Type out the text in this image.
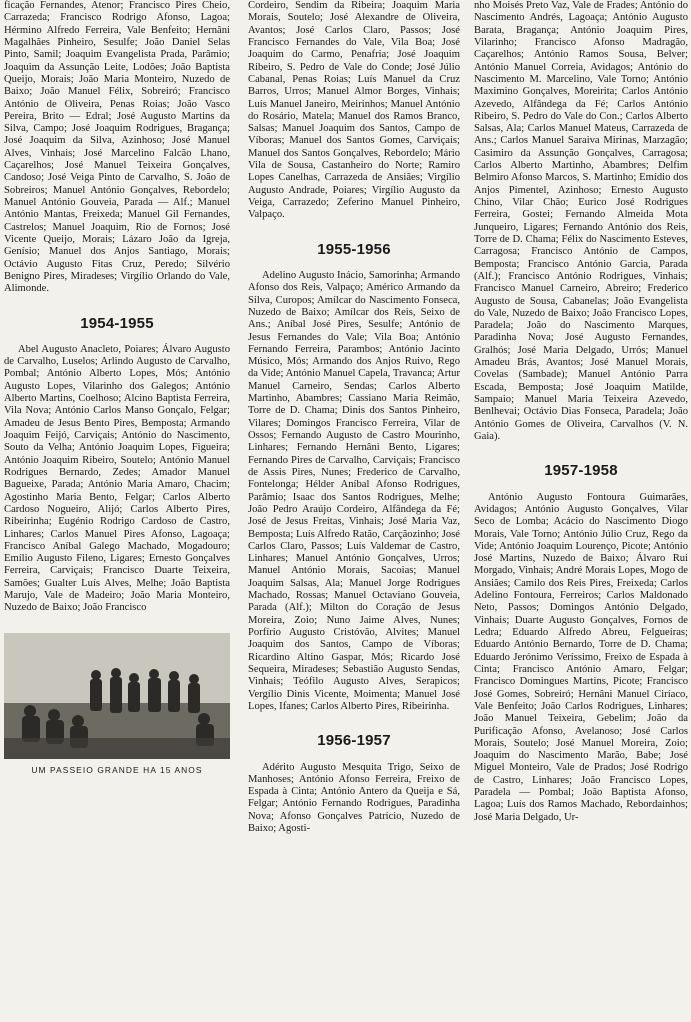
ficação Fernandes, Atenor; Francisco Pires Cheio, Carrazeda; Francisco Rodrigo Afonso, Lagoa; Hérmino Alfredo Ferreira, Vale Benfeito; Hernâni Magalhães Pinheiro, Sesulfe; João Daniel Selas Pinto, Samil; Joaquim Evangelista Prada, Parâmio; Joaquim da Assunção Leite, Lodões; João Baptista Queijo, Morais; João Maria Monteiro, Nuzedo de Baixo; João Manuel Félix, Sobreiró; Francisco António de Oliveira, Penas Roias; João Vasco Pereira, Brito — Edral; José Augusto Martins da Silva, Campo; José Joaquim Rodrigues, Bragança; José Joaquim da Silva, Azinhoso; José Manuel Alves, Vinhais; José Marcelino Falcão Lhano, Caçarelhos; José Manuel Teixeira Gonçalves, Candoso; José Veiga Pinto de Carvalho, S. João de Sobreiros; Manuel António Gonçalves, Rebordelo; Manuel António Gouveia, Parada — Alf.; Manuel António Mantas, Freixeda; Manuel Gil Fernandes, Castrelos; Manuel Joaquim, Rio de Fornos; José Vicente Queijo, Morais; Lázaro João da Igreja, Genísio; Manuel dos Anjos Santiago, Morais; Octávio Augusto Fitas Cruz, Peredo; Silvério Benigno Pires, Miradeses; Virgílio Orlando do Vale, Alimonde.

1954-1955

Abel Augusto Anacleto, Poiares; Álvaro Augusto de Carvalho, Luselos; Arlindo Augusto de Carvalho, Pombal; António Alberto Lopes, Mós; António Augusto Lopes, Vilarinho dos Galegos; António Alberto Martins, Coelhoso; Alcino Baptista Ferreira, Vila Nova; António Carlos Manso Gonçalo, Felgar; Amadeu de Jesus Bento Pires, Bemposta; Armando Joaquim Feijó, Carviçais; António do Nascimento, Souto da Velha; António Joaquim Lopes, Figueira; António Joaquim Ribeiro, Soutelo; António Manuel Rodrigues Bernardo, Zedes; Amador Manuel Bagueixe, Parada; António Maria Amaro, Chacim; Agostinho Maria Bento, Felgar; Carlos Alberto Cardoso Nogueiro, Alijó; Carlos Alberto Pires, Ribeirinha; Eugénio Rodrigo Cardoso de Castro, Linhares; Carlos Manuel Pires Afonso, Lagoaça; Francisco Aníbal Galego Machado, Mogadouro; Emílio Augusto Fileno, Ligares; Ernesto Gonçalves Ferreira, Carviçais; Francisco Duarte Teixeira, Samões; Gualter Luís Alves, Melhe; João Baptista Marujo, Vale de Madeiro; João Maria Monteiro, Nuzedo de Baixo; João Francisco

UM PASSEIO GRANDE HA 15 ANOS

Cordeiro, Sendim da Ribeira; Joaquim Maria Morais, Soutelo; José Alexandre de Oliveira, Avantos; José Carlos Claro, Passos; José Francisco Fernandes do Vale, Vila Boa; José Joaquim do Carmo, Penafria; José Joaquim Ribeiro, S. Pedro de Vale do Conde; José Júlio Cabanal, Penas Roias; Luís Manuel da Cruz Barros, Urros; Manuel Almor Borges, Vinhais; Luís Manuel Janeiro, Meirinhos; Manuel António do Rosário, Matela; Manuel dos Ramos Branco, Salsas; Manuel Joaquim dos Santos, Campo de Víboras; Manuel dos Santos Gomes, Carviçais; Manuel dos Santos Gonçalves, Rebordelo; Mário Vila de Sousa, Castanheiro do Norte; Ramiro Lopes Canelhas, Carrazeda de Ansiães; Virgílio Augusto Andrade, Poiares; Virgílio Augusto da Veiga, Carrazedo; Zeferino Manuel Pinheiro, Valpaço.

1955-1956

Adelino Augusto Inácio, Samorinha; Armando Afonso dos Reis, Valpaço; Américo Armando da Silva, Curopos; Amílcar do Nascimento Fonseca, Nuzedo de Baixo; Amílcar dos Reis, Seixo de Ans.; Aníbal José Pires, Sesulfe; António de Jesus Fernandes do Vale; Vila Boa; António Fernando Ferreira, Parambos; António Jacinto Músico, Mós; Armando dos Anjos Ruivo, Rego da Vide; António Manuel Capela, Travanca; Artur Manuel Carneiro, Sendas; Carlos Alberto Martinho, Abambres; Cassiano Maria Reimão, Torre de D. Chama; Dinis dos Santos Pinheiro, Vilares; Domingos Francisco Ferreira, Vilar de Ossos; Fernando Augusto de Castro Mourinho, Linhares; Fernando Hernâni Bento, Ligares; Fernando Pires de Carvalho, Carviçais; Francisco de Assis Pires, Nunes; Frederico de Carvalho, Fontelonga; Hélder Aníbal Afonso Rodrigues, Parâmio; Isaac dos Santos Rodrigues, Melhe; João Pedro Araújo Cordeiro, Alfândega da Fé; José de Jesus Freitas, Vinhais; José Maria Vaz, Bemposta; Luís Alfredo Ratão, Carçãozinho; José Carlos Claro, Passos; Luís Valdemar de Castro, Linhares; Manuel António Gonçalves, Urros; Manuel António Morais, Sacoias; Manuel Joaquim Salsas, Ala; Manuel Jorge Rodrigues Machado, Rossas; Manuel Octaviano Gouveia, Parada (Alf.); Milton do Coração de Jesus Moreira, Zoio; Nuno Jaime Alves, Nunes; Porfírio Augusto Cristóvão, Alvites; Manuel Joaquim dos Santos, Campo de Víboras; Ricardino Altino Gaspar, Mós; Ricardo José Sequeira, Miradeses; Sebastião Augusto Sendas, Vinhais; Teófilo Augusto Alves, Serapicos; Vergílio Dinis Vicente, Moimenta; Manuel José Lopes, Ifanes; Carlos Alberto Pires, Ribeirinha.

1956-1957

Adérito Augusto Mesquita Trigo, Seixo de Manhoses; António Afonso Ferreira, Freixo de Espada à Cinta; António Antero da Queija e Sá, Felgar; António Fernando Rodrigues, Paradinha Nova; Afonso Gonçalves Patrício, Nuzedo de Baixo; Agosti-

nho Moisés Preto Vaz, Vale de Frades; António do Nascimento Andrés, Lagoaça; António Augusto Barata, Bragança; António Joaquim Pires, Vilarinho; Francisco Afonso Madragão, Caçarelhos; António Ramos Sousa, Belver; António Manuel Correia, Avidagos; António do Nascimento M. Marcelino, Vale Torno; António Maximino Gonçalves, Moreirita; Carlos António Azevedo, Alfândega da Fé; Carlos António Ribeiro, S. Pedro do Vale do Con.; Carlos Alberto Salsas, Ala; Carlos Manuel Mateus, Carrazeda de Ans.; Carlos Manuel Saraiva Mirinas, Marzagão; Casimiro da Assunção Gonçalves, Carragosa; Carlos Alberto Martinho, Abambres; Delfim Belmiro Afonso Marcos, S. Martinho; Emídio dos Anjos Pimentel, Azinhoso; Ernesto Augusto Chino, Vilar Chão; Eurico José Rodrigues Ferreira, Gostei; Fernando Almeida Mota Junqueiro, Ligares; Fernando António dos Reis, Torre de D. Chama; Félix do Nascimento Esteves, Carragosa; Francisco António de Campos, Bemposta; Francisco António Garcia, Parada (Alf.); Francisco António Rodrigues, Vinhais; Francisco Manuel Carneiro, Abreiro; Frederico Augusto de Sousa, Cabanelas; João Evangelista do Vale, Nuzedo de Baixo; João Francisco Lopes, Paradela; João do Nascimento Marques, Paradinha Nova; José Augusto Fernandes, Gralhós; José Maria Delgado, Urrós; Manuel Amadeu Brás, Avantos; José Manuel Morais, Covelas (Sambade); Manuel António Parra Escada, Bemposta; José Joaquim Matilde, Sampaio; Manuel Maria Teixeira Azevedo, Benlhevai; Octávio Dias Fonseca, Paradela; João António Gomes de Oliveira, Carvalhos (V. N. Gaia).

1957-1958

António Augusto Fontoura Guimarães, Avidagos; António Augusto Gonçalves, Vilar Seco de Lomba; Acácio do Nascimento Diogo Morais, Vale Torno; António Júlio Cruz, Rego da Vide; António Joaquim Lourenço, Picote; António José Martins, Nuzedo de Baixo; Álvaro Rui Morgado, Vinhais; André Morais Lopes, Mogo de Ansiães; Camilo dos Reis Pires, Freixeda; Carlos Adelino Fontoura, Ferreiros; Carlos Maldonado Neto, Passos; Domingos António Delgado, Vinhais; Duarte Augusto Gonçalves, Fornos de Ledra; Eduardo Alfredo Abreu, Felgueiras; Eduardo António Bernardo, Torre de D. Chama; Eduardo Jerónimo Veríssimo, Freixo de Espada à Cinta; Francisco António Amaro, Felgar; Francisco Domingues Martins, Picote; Francisco José Gomes, Sobreiró; Hernâni Manuel Ciríaco, Vale Benfeito; João Carlos Rodrigues, Linhares; João Manuel Teixeira, Gebelim; João da Purificação Afonso, Avelanoso; José Carlos Morais, Soutelo; José Manuel Moreira, Zoio; Joaquim do Nascimento Marão, Babe; José Miguel Monteiro, Vale de Prados; José Rodrigo de Castro, Linhares; João Francisco Lopes, Paradela — Pombal; João Baptista Afonso, Lagoa; Luís dos Ramos Machado, Rebordainhos; José Maria Delgado, Ur-
